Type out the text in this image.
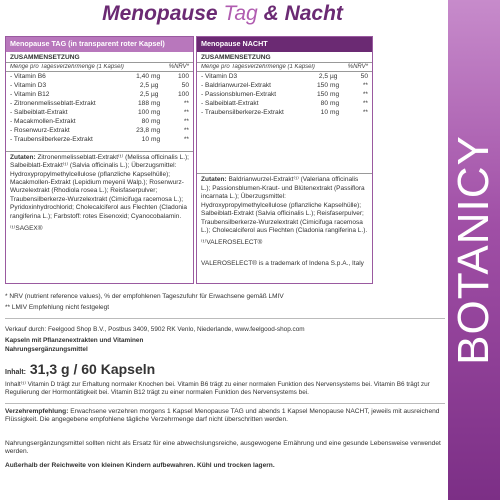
Menopause Tag & Nacht
BOTANICY
Menopause TAG (in transparent roter Kapsel)
ZUSAMMENSETZUNG
Menge pro Tagesverzehrmenge (1 Kapsel)	%NRV*
- Vitamin B6	1,40 mg	100
- Vitamin D3	2,5 µg	50
- Vitamin B12	2,5 µg	100
- Zitronenmelisseblatt-Extrakt	188 mg	**
- Salbeiblatt-Extrakt	100 mg	**
- Macakmollen-Extrakt	80 mg	**
- Rosenwurz-Extrakt	23,8 mg	**
- Traubensilberkerze-Extrakt	10 mg	**
Zutaten: Zitronenmelisseblatt-Extrakt⁽¹⁾ (Melissa officinalis L.); Salbeiblatt-Extrakt⁽¹⁾ (Salvia officinalis L.); Überzugsmittel: Hydroxypropylmethylcellulose (pflanzliche Kapselhülle); Macakmollen-Extrakt (Lepidium meyenii Walp.); Rosenwurz-Wurzelextrakt (Rhodiola rosea L.); Reisfaserpulver; Traubensilberkerze-Wurzelextrakt (Cimicifuga racemosa L.); Pyridoxinhydrochlorid; Cholecalciferol aus Flechten (Cladonia rangiferina L.); Farbstoff: rotes Eisenoxid; Cyanocobalamin.
⁽¹⁾SAGEX®
Menopause NACHT
ZUSAMMENSETZUNG
Menge pro Tagesverzehrmenge (1 Kapsel)	%NRV*
- Vitamin D3	2,5 µg	50
- Baldrianwurzel-Extrakt	150 mg	**
- Passionsblumen-Extrakt	150 mg	**
- Salbeiblatt-Extrakt	80 mg	**
- Traubensilberkerze-Extrakt	10 mg	**
Zutaten: Baldrianwurzel-Extrakt⁽¹⁾ (Valeriana officinalis L.); Passionsblumen-Kraut- und Blütenextrakt (Passiflora incarnata L.); Überzugsmittel: Hydroxypropylmethylcellulose (pflanzliche Kapselhülle); Salbeiblatt-Extrakt (Salvia officinalis L.); Reisfaserpulver; Traubensilberkerze-Wurzelextrakt (Cimicifuga racemosa L.); Cholecalciferol aus Flechten (Cladonia rangiferina L.).
⁽¹⁾VALEROSELECT®
VALEROSELECT® is a trademark of Indena S.p.A., Italy
* NRV (nutrient reference values), % der empfohlenen Tageszufuhr für Erwachsene gemäß LMIV
** LMIV Empfehlung nicht festgelegt
Verkauf durch: Feelgood Shop B.V., Postbus 3409, 5902 RK Venlo, Niederlande, www.feelgood-shop.com
Kapseln mit Pflanzenextrakten und Vitaminen
Nahrungsergänzungsmittel
Inhalt: 31,3 g / 60 Kapseln
Inhalt⁽¹⁾ Vitamin D trägt zur Erhaltung normaler Knochen bei. Vitamin B6 trägt zu einer normalen Funktion des Nervensystems bei. Vitamin B6 trägt zur Regulierung der Hormontätigkeit bei. Vitamin B12 trägt zu einer normalen Funktion des Nervensystems bei.
Verzehrempfehlung: Erwachsene verzehren morgens 1 Kapsel Menopause TAG und abends 1 Kapsel Menopause NACHT, jeweils mit ausreichend Flüssigkeit. Die angegebene empfohlene tägliche Verzehrmenge darf nicht überschritten werden.
Nahrungsergänzungsmittel sollten nicht als Ersatz für eine abwechslungsreiche, ausgewogene Ernährung und eine gesunde Lebensweise verwendet werden.
Außerhalb der Reichweite von kleinen Kindern aufbewahren. Kühl und trocken lagern.
